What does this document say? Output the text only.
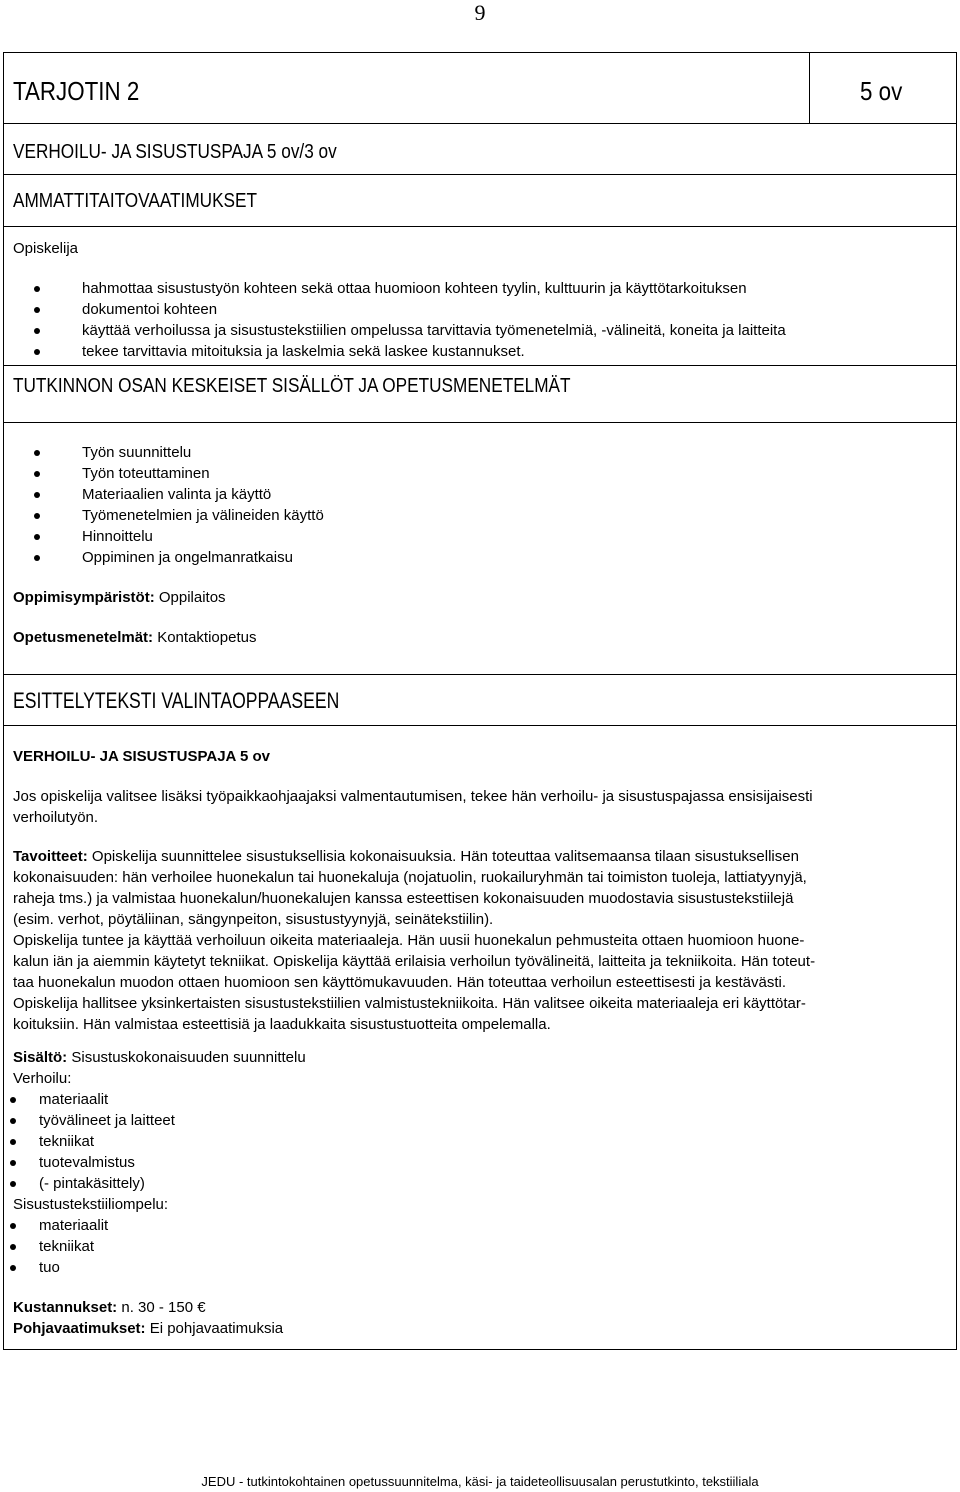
9
TARJOTIN 2	5 ov
VERHOILU- JA SISUSTUSPAJA 5 ov/3 ov
AMMATTITAITOVAATIMUKSET
Opiskelija
hahmottaa sisustustyön kohteen sekä ottaa huomioon kohteen tyylin, kulttuurin ja käyttötarkoituksen
dokumentoi kohteen
käyttää verhoilussa ja sisustustekstiilien ompelussa tarvittavia työmenetelmiä, -välineitä, koneita ja laitteita
tekee tarvittavia mitoituksia ja laskelmia sekä laskee kustannukset.
TUTKINNON OSAN KESKEISET SISÄLLÖT JA OPETUSMENETELMÄT
Työn suunnittelu
Työn toteuttaminen
Materiaalien valinta ja käyttö
Työmenetelmien ja välineiden käyttö
Hinnoittelu
Oppiminen ja ongelmanratkaisu
Oppimisympäristöt: Oppilaitos
Opetusmenetelmät: Kontaktiopetus
ESITTELYTEKSTI VALINTAOPPAASEEN
VERHOILU- JA SISUSTUSPAJA 5 ov
Jos opiskelija valitsee lisäksi työpaikkaohjaajaksi valmentautumisen, tekee hän verhoilu- ja sisustuspajassa ensisijaisesti
verhoilutyön.
Tavoitteet: Opiskelija suunnittelee sisustuksellisia kokonaisuuksia. Hän toteuttaa valitsemaansa tilaan sisustuksellisen
kokonaisuuden: hän verhoilee huonekalun tai huonekaluja (nojatuolin, ruokailuryhmän tai toimiston tuoleja, lattiatyynyjä,
raheja tms.) ja valmistaa huonekalun/huonekalujen kanssa esteettisen kokonaisuuden muodostavia sisustustekstiilejä
(esim. verhot, pöytäliinan, sängynpeiton, sisustustyynyjä, seinätekstiilin).
Opiskelija tuntee ja käyttää verhoiluun oikeita materiaaleja. Hän uusii huonekalun pehmusteita ottaen huomioon huone-
kalun iän ja aiemmin käytetyt tekniikat. Opiskelija käyttää erilaisia verhoilun työvälineitä, laitteita ja tekniikoita. Hän toteut-
taa huonekalun muodon ottaen huomioon sen käyttömukavuuden. Hän toteuttaa verhoilun esteettisesti ja kestävästi.
Opiskelija hallitsee yksinkertaisten sisustustekstiilien valmistustekniikoita. Hän valitsee oikeita materiaaleja eri käyttötar-
koituksiin. Hän valmistaa esteettisiä ja laadukkaita sisustustuotteita ompelemalla.
Sisältö: Sisustuskokonaisuuden suunnittelu
Verhoilu:
materiaalit
työvälineet ja laitteet
tekniikat
tuotevalmistus
(- pintakäsittely)
Sisustustekstiiliompelu:
materiaalit
tekniikat
tuo
Kustannukset: n. 30 - 150 €
Pohjavaatimukset: Ei pohjavaatimuksia
JEDU - tutkintokohtainen opetussuunnitelma, käsi- ja taideteollisuusalan perustutkinto, tekstiiliala
